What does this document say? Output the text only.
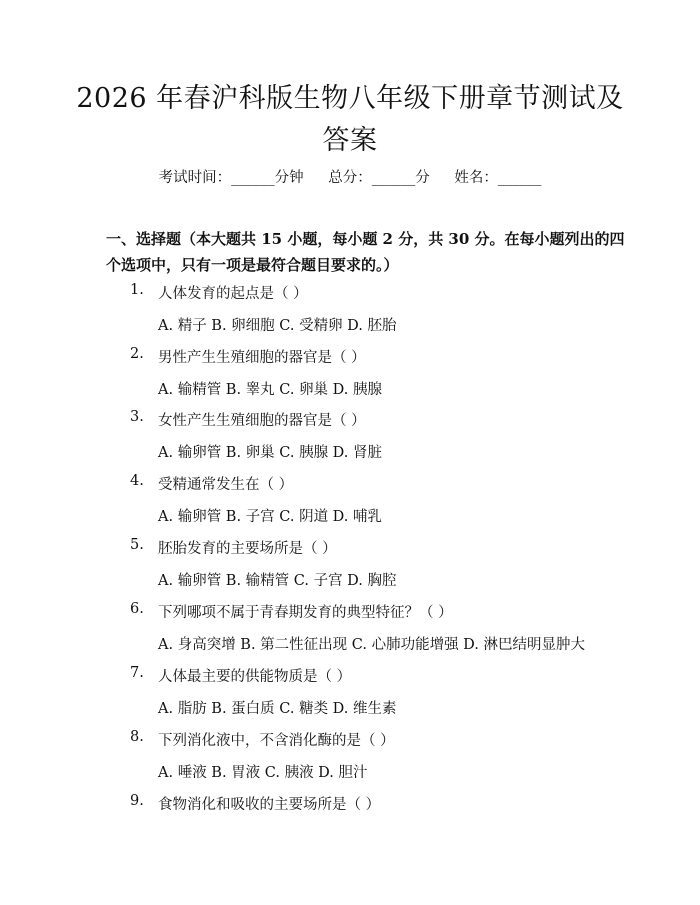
2026 年春沪科版生物八年级下册章节测试及答案
考试时间：______分钟 总分：______分 姓名：______
一、选择题（本大题共 15 小题，每小题 2 分，共 30 分。在每小题列出的四个选项中，只有一项是最符合题目要求的。）
1. 人体发育的起点是（ ）
A. 精子 B. 卵细胞 C. 受精卵 D. 胚胎
2. 男性产生生殖细胞的器官是（ ）
A. 输精管 B. 睾丸 C. 卵巢 D. 胰腺
3. 女性产生生殖细胞的器官是（ ）
A. 输卵管 B. 卵巢 C. 胰腺 D. 肾脏
4. 受精通常发生在（ ）
A. 输卵管 B. 子宫 C. 阴道 D. 哺乳
5. 胚胎发育的主要场所是（ ）
A. 输卵管 B. 输精管 C. 子宫 D. 胸腔
6. 下列哪项不属于青春期发育的典型特征？（ ）
A. 身高突增 B. 第二性征出现 C. 心肺功能增强 D. 淋巴结明显肿大
7. 人体最主要的供能物质是（ ）
A. 脂肪 B. 蛋白质 C. 糖类 D. 维生素
8. 下列消化液中，不含消化酶的是（ ）
A. 唾液 B. 胃液 C. 胰液 D. 胆汁
9. 食物消化和吸收的主要场所是（ ）
